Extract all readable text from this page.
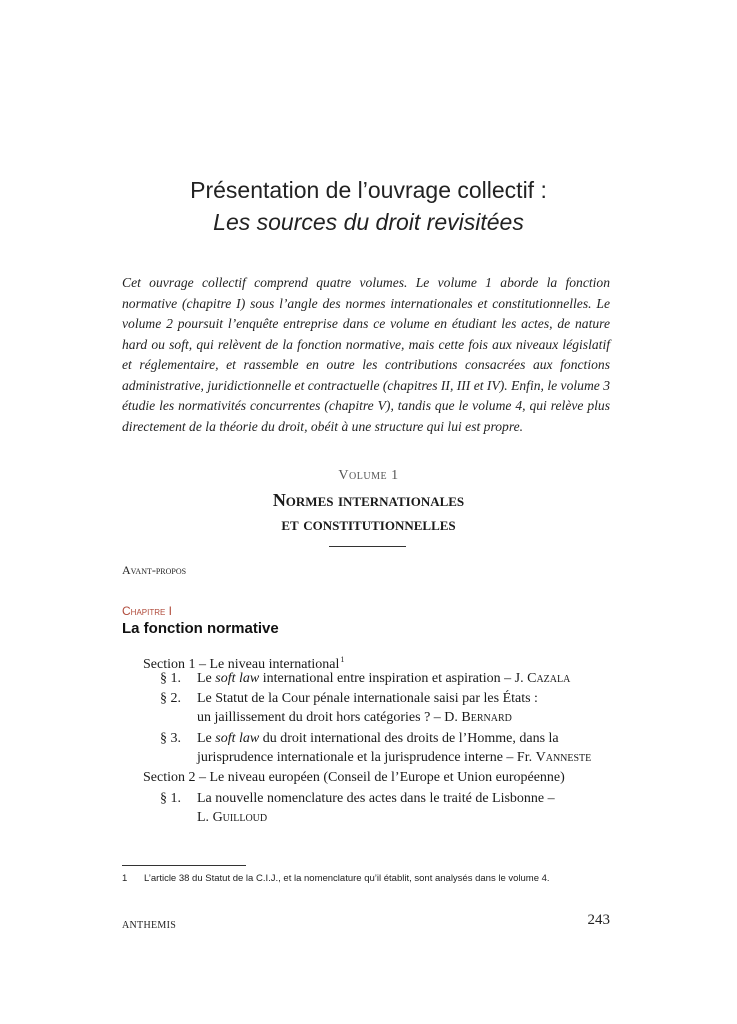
Présentation de l’ouvrage collectif :
Les sources du droit revisitées
Cet ouvrage collectif comprend quatre volumes. Le volume 1 aborde la fonction normative (chapitre I) sous l’angle des normes internationales et constitutionnelles. Le volume 2 poursuit l’enquête entreprise dans ce volume en étudiant les actes, de nature hard ou soft, qui relèvent de la fonction normative, mais cette fois aux niveaux législatif et réglementaire, et rassemble en outre les contributions consacrées aux fonctions administrative, juridictionnelle et contractuelle (chapitres II, III et IV). Enfin, le volume 3 étudie les normativités concurrentes (chapitre V), tandis que le volume 4, qui relève plus directement de la théorie du droit, obéit à une structure qui lui est propre.
Volume 1
Normes internationales
et constitutionnelles
Avant-propos
Chapitre I
La fonction normative
Section 1 – Le niveau international$^1$
§ 1. Le soft law international entre inspiration et aspiration – J. Cazala
§ 2. Le Statut de la Cour pénale internationale saisi par les États :
un jaillissement du droit hors catégories ? – D. Bernard
§ 3. Le soft law du droit international des droits de l’Homme, dans la
jurisprudence internationale et la jurisprudence interne – Fr. Vanneste
Section 2 – Le niveau européen (Conseil de l’Europe et Union européenne)
§ 1. La nouvelle nomenclature des actes dans le traité de Lisbonne –
L. Guilloud
1 L’article 38 du Statut de la C.I.J., et la nomenclature qu’il établit, sont analysés dans le volume 4.
ANTHEMIS	243
